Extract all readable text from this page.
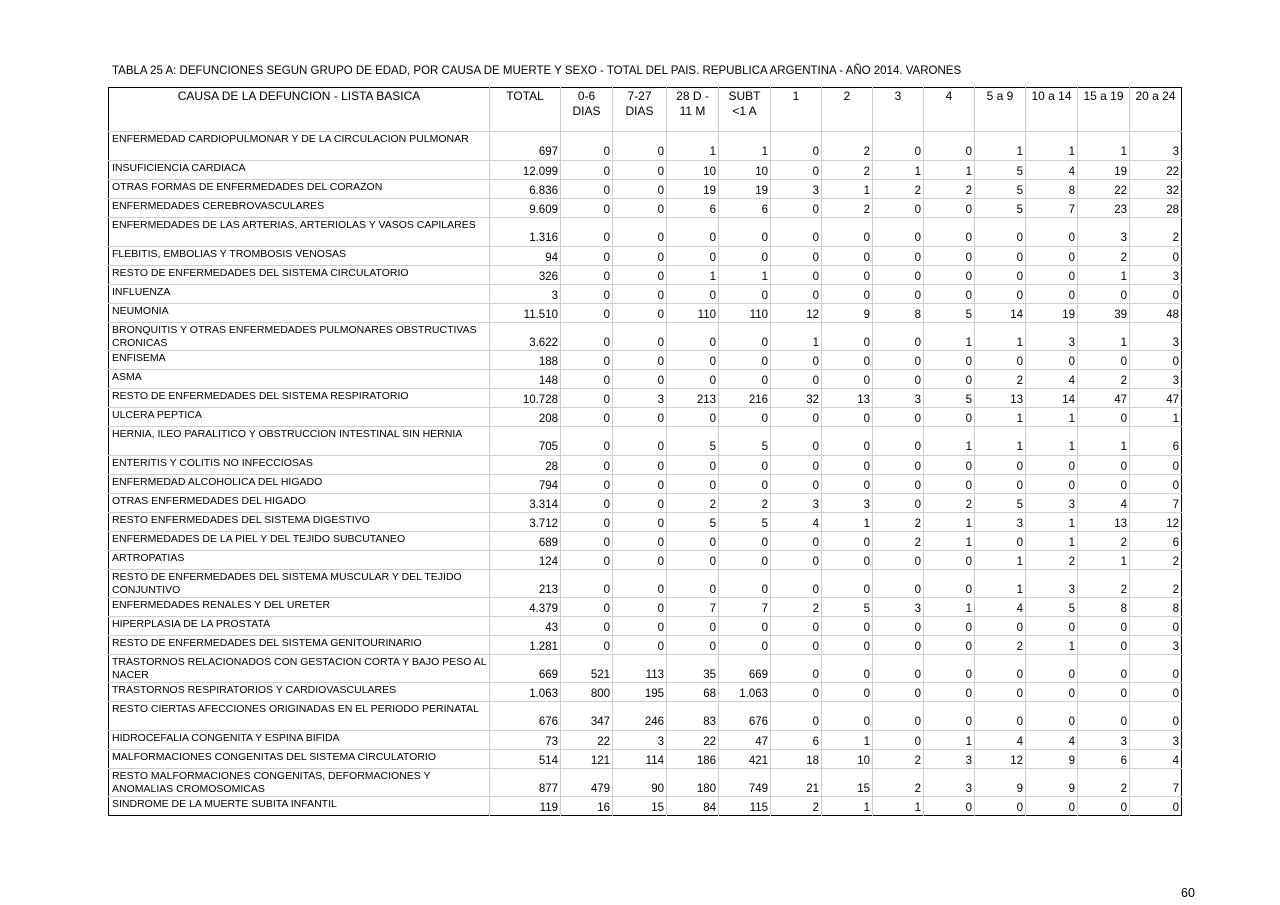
TABLA 25 A: DEFUNCIONES SEGUN GRUPO DE EDAD, POR CAUSA DE MUERTE Y SEXO - TOTAL DEL PAIS. REPUBLICA ARGENTINA - AÑO 2014. VARONES
CAUSA DE LA DEFUNCION - LISTA BASICA	TOTAL	0-6 DIAS	7-27 DIAS	28 D - 11 M	SUBT <1 A	1	2	3	4	5 a 9	10 a 14	15 a 19	20 a 24
ENFERMEDAD CARDIOPULMONAR Y DE LA CIRCULACION PULMONAR	697	0	0	1	1	0	2	0	0	1	1	1	3
INSUFICIENCIA CARDIACA	12.099	0	0	10	10	0	2	1	1	5	4	19	22
OTRAS FORMAS DE ENFERMEDADES DEL CORAZON	6.836	0	0	19	19	3	1	2	2	5	8	22	32
ENFERMEDADES CEREBROVASCULARES	9.609	0	0	6	6	0	2	0	0	5	7	23	28
ENFERMEDADES DE LAS ARTERIAS, ARTERIOLAS Y VASOS CAPILARES	1.316	0	0	0	0	0	0	0	0	0	0	3	2
FLEBITIS, EMBOLIAS Y TROMBOSIS VENOSAS	94	0	0	0	0	0	0	0	0	0	0	2	0
RESTO DE ENFERMEDADES DEL SISTEMA CIRCULATORIO	326	0	0	1	1	0	0	0	0	0	0	1	3
INFLUENZA	3	0	0	0	0	0	0	0	0	0	0	0	0
NEUMONIA	11.510	0	0	110	110	12	9	8	5	14	19	39	48
BRONQUITIS Y OTRAS ENFERMEDADES PULMONARES OBSTRUCTIVAS CRONICAS	3.622	0	0	0	0	1	0	0	1	1	3	1	3
ENFISEMA	188	0	0	0	0	0	0	0	0	0	0	0	0
ASMA	148	0	0	0	0	0	0	0	0	2	4	2	3
RESTO DE ENFERMEDADES DEL SISTEMA RESPIRATORIO	10.728	0	3	213	216	32	13	3	5	13	14	47	47
ULCERA PEPTICA	208	0	0	0	0	0	0	0	0	1	1	0	1
HERNIA, ILEO PARALITICO Y OBSTRUCCION INTESTINAL SIN HERNIA	705	0	0	5	5	0	0	0	1	1	1	1	6
ENTERITIS Y COLITIS NO INFECCIOSAS	28	0	0	0	0	0	0	0	0	0	0	0	0
ENFERMEDAD ALCOHOLICA DEL HIGADO	794	0	0	0	0	0	0	0	0	0	0	0	0
OTRAS ENFERMEDADES DEL HIGADO	3.314	0	0	2	2	3	3	0	2	5	3	4	7
RESTO ENFERMEDADES DEL SISTEMA DIGESTIVO	3.712	0	0	5	5	4	1	2	1	3	1	13	12
ENFERMEDADES DE LA PIEL Y DEL TEJIDO SUBCUTANEO	689	0	0	0	0	0	0	2	1	0	1	2	6
ARTROPATIAS	124	0	0	0	0	0	0	0	0	1	2	1	2
RESTO DE ENFERMEDADES DEL SISTEMA MUSCULAR Y DEL TEJIDO CONJUNTIVO	213	0	0	0	0	0	0	0	0	1	3	2	2
ENFERMEDADES RENALES Y DEL URETER	4.379	0	0	7	7	2	5	3	1	4	5	8	8
HIPERPLASIA DE LA PROSTATA	43	0	0	0	0	0	0	0	0	0	0	0	0
RESTO DE ENFERMEDADES DEL SISTEMA GENITOURINARIO	1.281	0	0	0	0	0	0	0	0	2	1	0	3
TRASTORNOS RELACIONADOS CON GESTACION CORTA Y BAJO PESO AL NACER	669	521	113	35	669	0	0	0	0	0	0	0	0
TRASTORNOS RESPIRATORIOS Y CARDIOVASCULARES	1.063	800	195	68	1.063	0	0	0	0	0	0	0	0
RESTO CIERTAS AFECCIONES ORIGINADAS EN EL PERIODO PERINATAL	676	347	246	83	676	0	0	0	0	0	0	0	0
HIDROCEFALIA CONGENITA Y ESPINA BIFIDA	73	22	3	22	47	6	1	0	1	4	4	3	3
MALFORMACIONES CONGENITAS DEL SISTEMA CIRCULATORIO	514	121	114	186	421	18	10	2	3	12	9	6	4
RESTO MALFORMACIONES CONGENITAS, DEFORMACIONES Y ANOMALIAS CROMOSOMICAS	877	479	90	180	749	21	15	2	3	9	9	2	7
SINDROME DE LA MUERTE SUBITA INFANTIL	119	16	15	84	115	2	1	1	0	0	0	0	0
60
